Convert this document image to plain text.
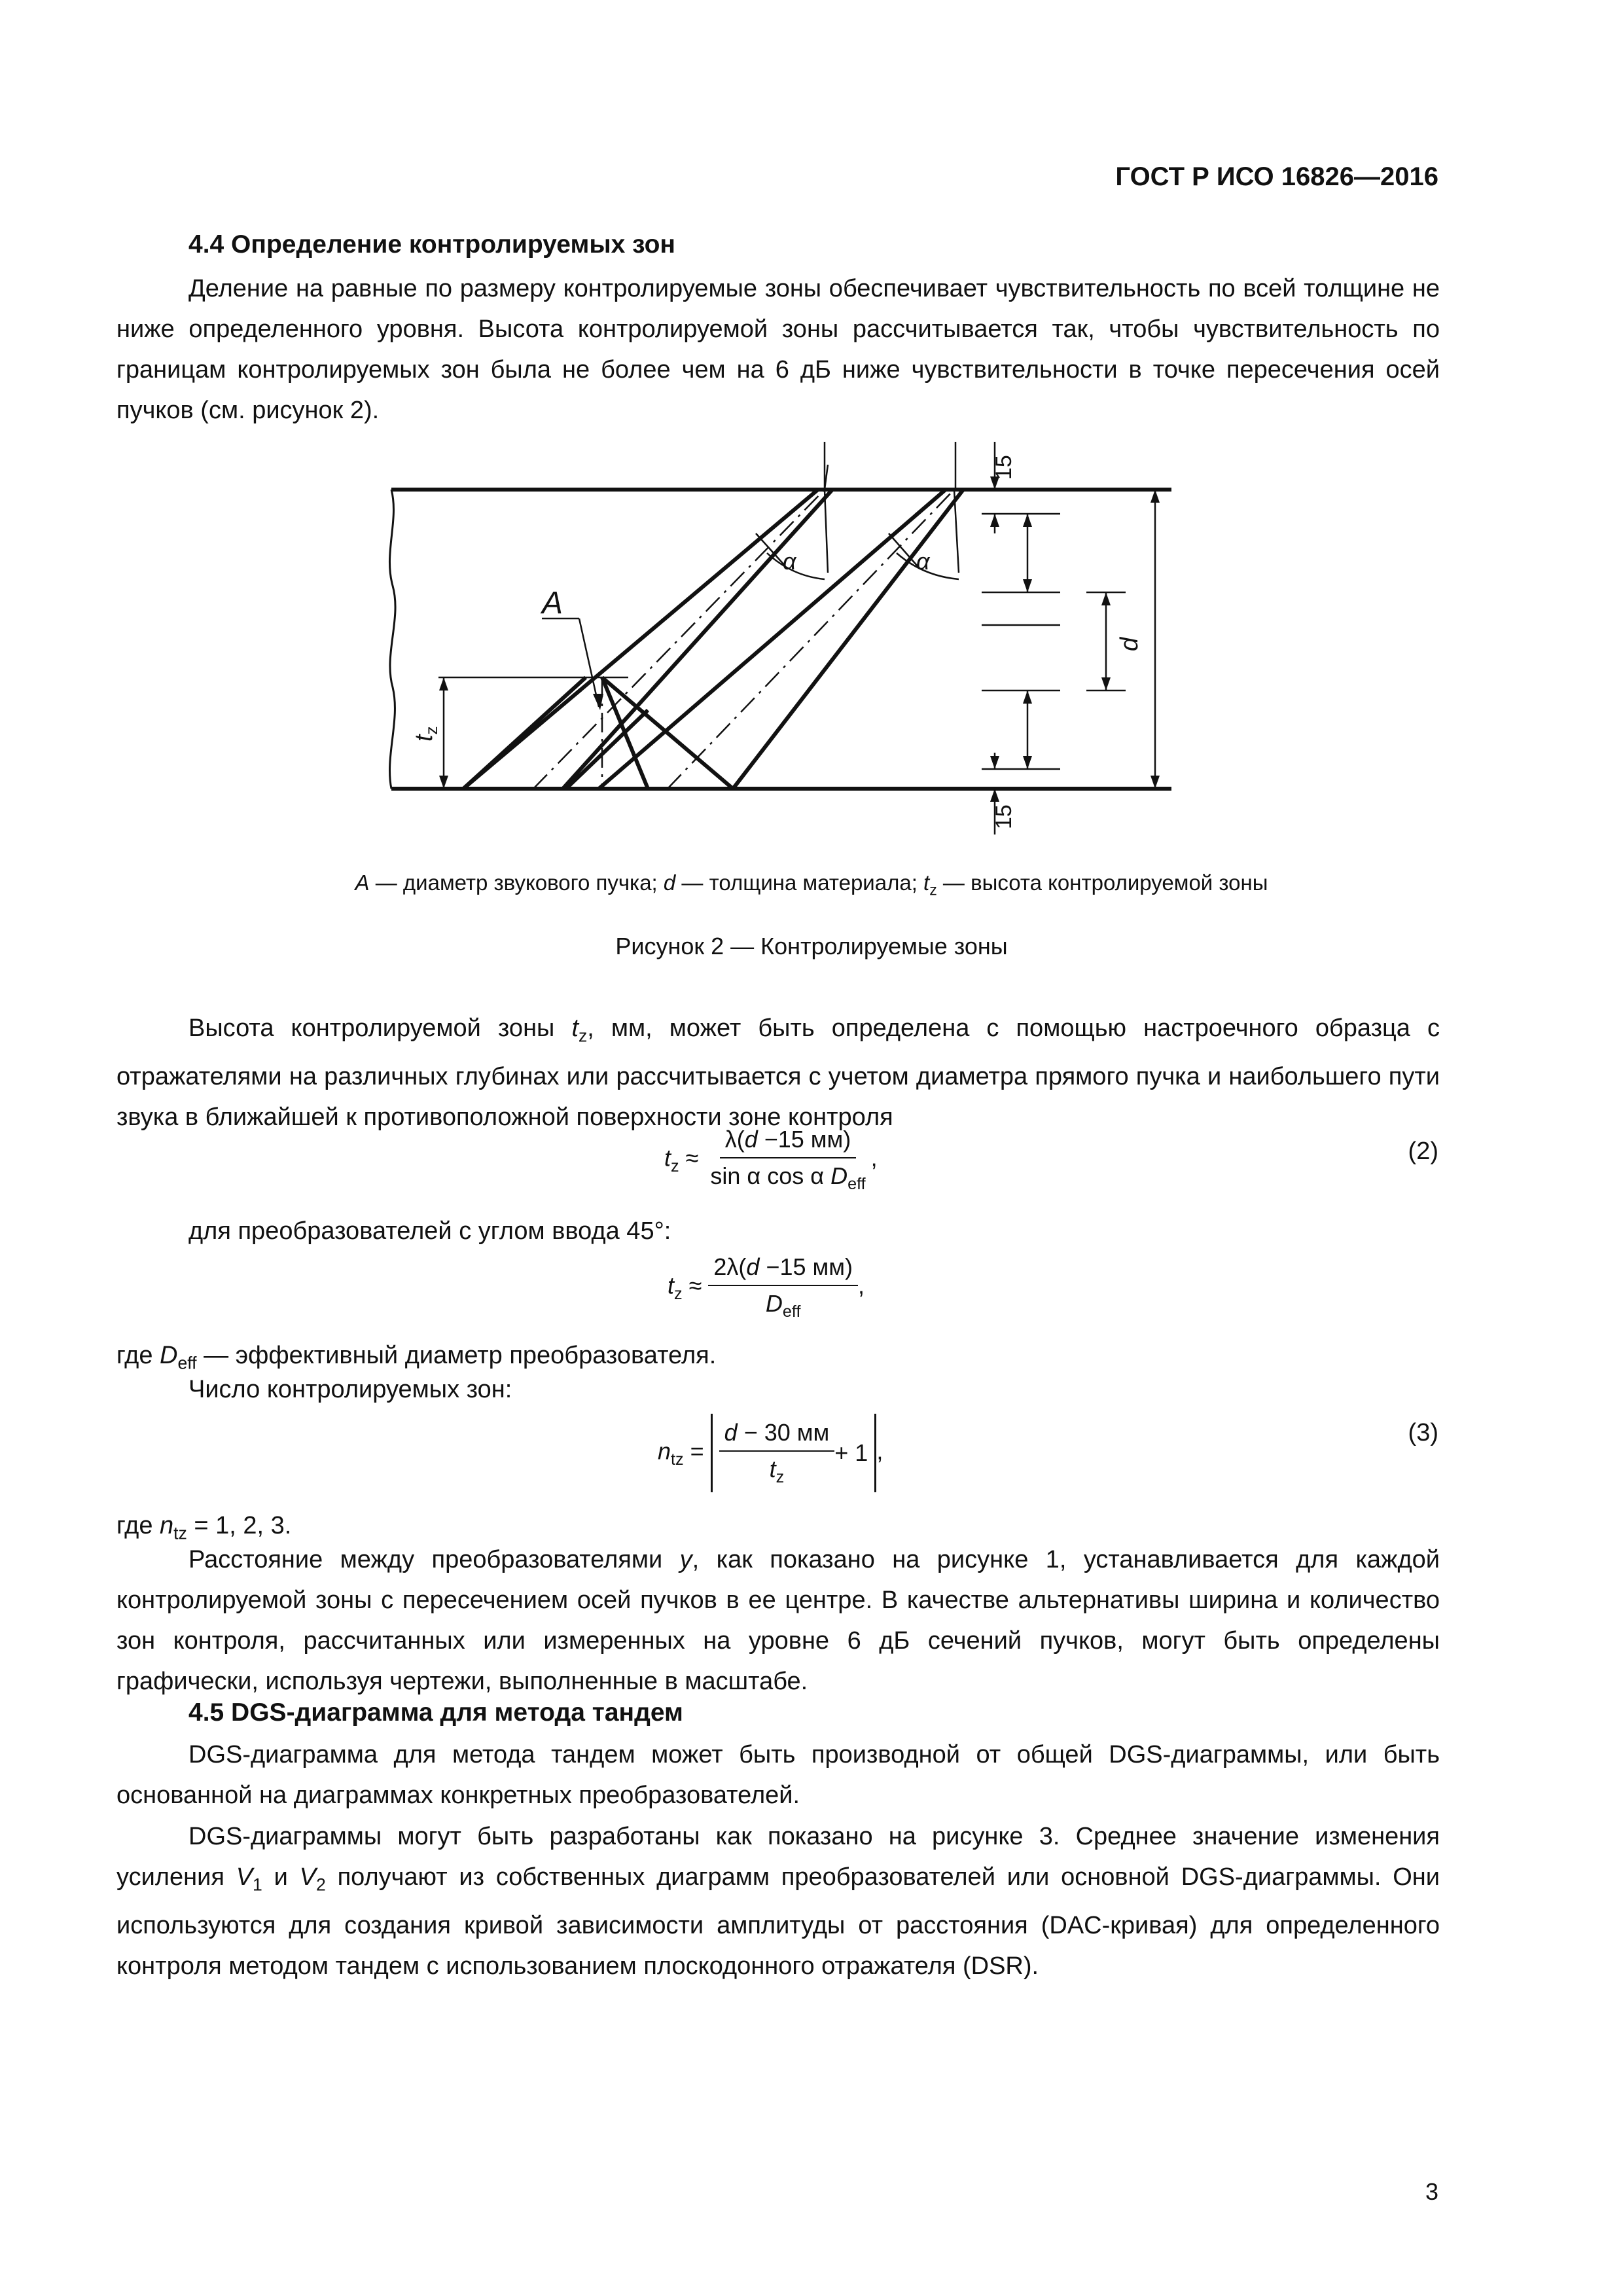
ГОСТ Р ИСО 16826—2016
4.4 Определение контролируемых зон
Деление на равные по размеру контролируемые зоны обеспечивает чувствительность по всей толщине не ниже определенного уровня. Высота контролируемой зоны рассчитывается так, чтобы чувствительность по границам контролируемых зон была не более чем на 6 дБ ниже чувствительности в точке пересечения осей пучков (см. рисунок 2).
A
α	α
d
$t_z$
15
15
A — диаметр звукового пучка; d — толщина материала; $t_z$ — высота контролируемой зоны
Рисунок 2 — Контролируемые зоны
Высота контролируемой зоны $t_z$, мм, может быть определена с помощью настроечного образца с отражателями на различных глубинах или рассчитывается с учетом диаметра прямого пучка и наибольшего пути звука в ближайшей к противоположной поверхности зоне контроля
$t_z \approx \frac{\lambda(d -15 мм)}{\sin \alpha \cos \alpha D_{eff}}$ ,	(2)
для преобразователей с углом ввода 45°:
$t_z \approx \frac{2\lambda(d -15 мм)}{D_{eff}}$ ,
где $D_{eff}$ — эффективный диаметр преобразователя.
Число контролируемых зон:
$n_{tz} = \frac{d - 30 мм}{t_z} + 1$ ,
(3)
где $n_{tz} = 1$, 2, 3.
Расстояние между преобразователями y, как показано на рисунке 1, устанавливается для каждой контролируемой зоны с пересечением осей пучков в ее центре. В качестве альтернативы ширина и количество зон контроля, рассчитанных или измеренных на уровне 6 дБ сечений пучков, могут быть определены графически, используя чертежи, выполненные в масштабе.
4.5 DGS-диаграмма для метода тандем
DGS-диаграмма для метода тандем может быть производной от общей DGS-диаграммы, или быть основанной на диаграммах конкретных преобразователей.
DGS-диаграммы могут быть разработаны как показано на рисунке 3. Среднее значение изменения усиления $V_1$ и $V_2$ получают из собственных диаграмм преобразователей или основной DGS-диаграммы. Они используются для создания кривой зависимости амплитуды от расстояния (DAC-кривая) для определенного контроля методом тандем с использованием плоскодонного отражателя (DSR).
3
